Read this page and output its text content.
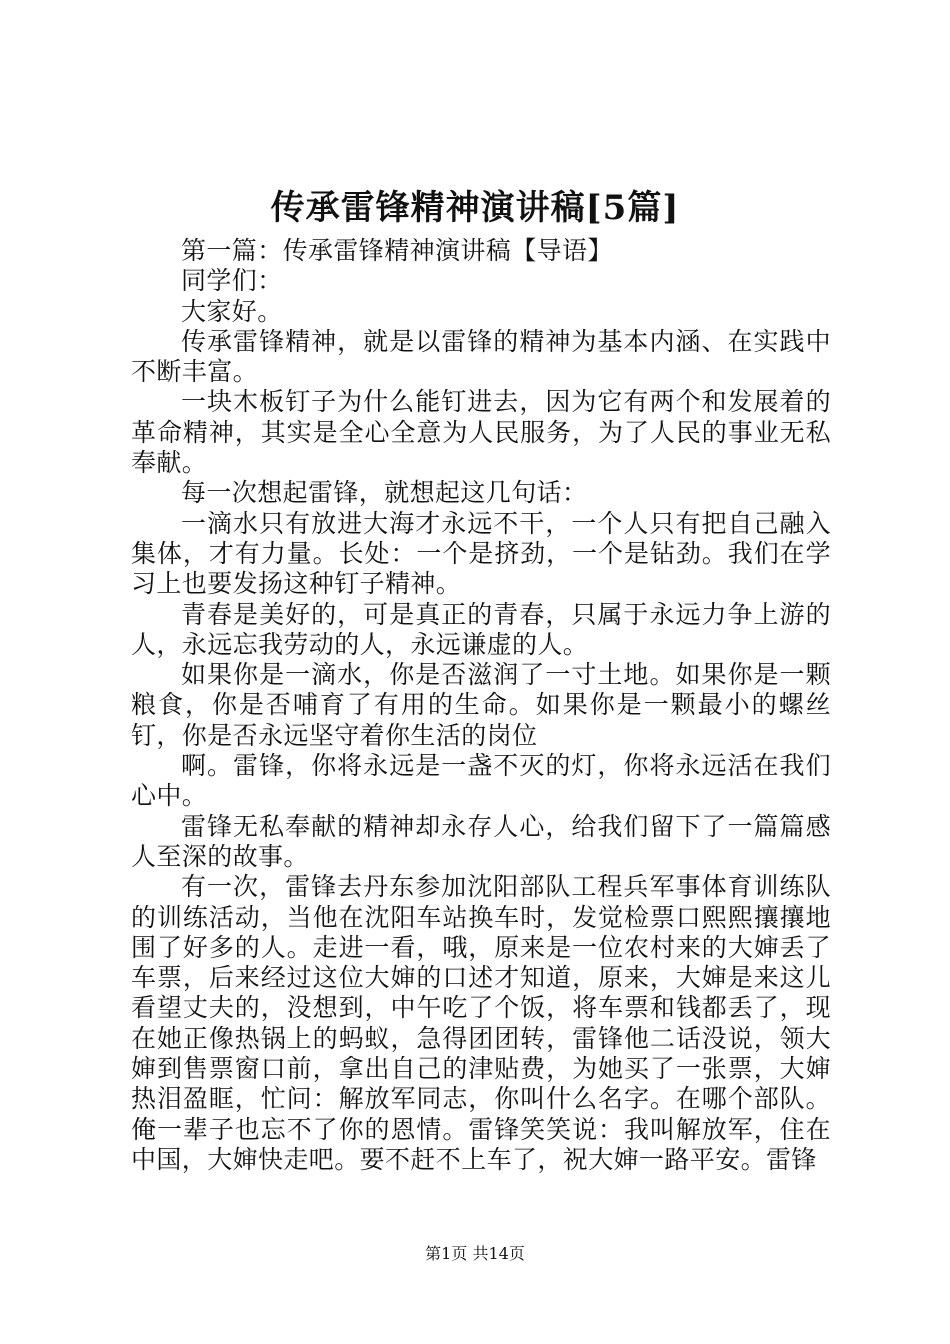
传承雷锋精神演讲稿[5篇]

第一篇：传承雷锋精神演讲稿【导语】

同学们：

大家好。

传承雷锋精神，就是以雷锋的精神为基本内涵、在实践中不断丰富。

一块木板钉子为什么能钉进去，因为它有两个和发展着的革命精神，其实是全心全意为人民服务，为了人民的事业无私奉献。

每一次想起雷锋，就想起这几句话：

一滴水只有放进大海才永远不干，一个人只有把自己融入集体，才有力量。长处：一个是挤劲，一个是钻劲。我们在学习上也要发扬这种钉子精神。

青春是美好的，可是真正的青春，只属于永远力争上游的人，永远忘我劳动的人，永远谦虚的人。

如果你是一滴水，你是否滋润了一寸土地。如果你是一颗粮食，你是否哺育了有用的生命。如果你是一颗最小的螺丝钉，你是否永远坚守着你生活的岗位

啊。雷锋，你将永远是一盏不灭的灯，你将永远活在我们心中。

雷锋无私奉献的精神却永存人心，给我们留下了一篇篇感人至深的故事。

有一次，雷锋去丹东参加沈阳部队工程兵军事体育训练队的训练活动，当他在沈阳车站换车时，发觉检票口熙熙攘攘地围了好多的人。走进一看，哦，原来是一位农村来的大婶丢了车票，后来经过这位大婶的口述才知道，原来，大婶是来这儿看望丈夫的，没想到，中午吃了个饭，将车票和钱都丢了，现在她正像热锅上的蚂蚁，急得团团转，雷锋他二话没说，领大婶到售票窗口前，拿出自己的津贴费，为她买了一张票，大婶热泪盈眶，忙问：解放军同志，你叫什么名字。在哪个部队。俺一辈子也忘不了你的恩情。雷锋笑笑说：我叫解放军，住在中国，大婶快走吧。要不赶不上车了，祝大婶一路平安。雷锋

第1页 共14页
